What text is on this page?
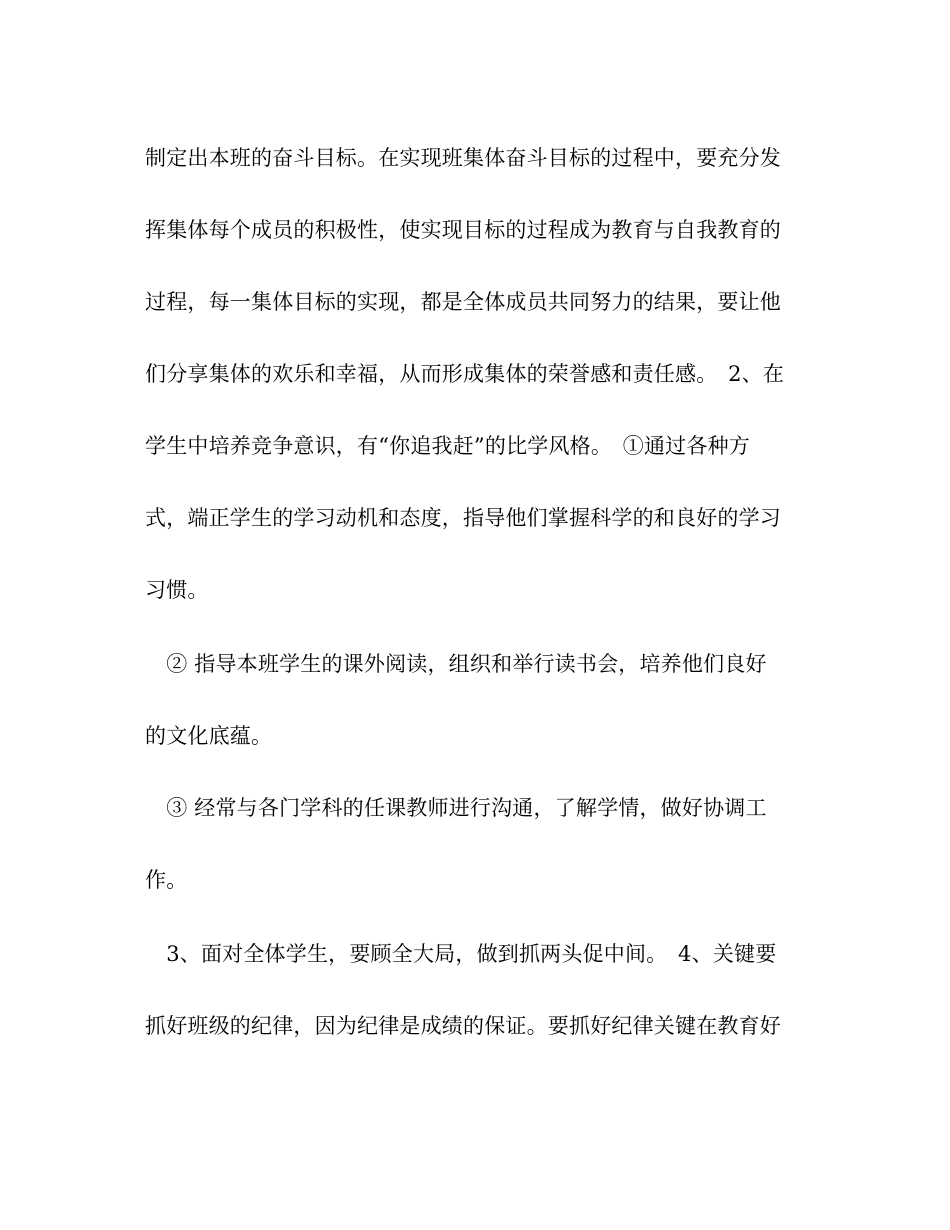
制定出本班的奋斗目标。在实现班集体奋斗目标的过程中，要充分发
挥集体每个成员的积极性，使实现目标的过程成为教育与自我教育的
过程，每一集体目标的实现，都是全体成员共同努力的结果，要让他
们分享集体的欢乐和幸福，从而形成集体的荣誉感和责任感。　2、在
学生中培养竞争意识，有“你追我赶”的比学风格。　①通过各种方
式，端正学生的学习动机和态度，指导他们掌握科学的和良好的学习
习惯。
　② 指导本班学生的课外阅读，组织和举行读书会，培养他们良好
的文化底蕴。
　③ 经常与各门学科的任课教师进行沟通，了解学情，做好协调工
作。
　3、面对全体学生，要顾全大局，做到抓两头促中间。　4、关键要
抓好班级的纪律，因为纪律是成绩的保证。要抓好纪律关键在教育好
